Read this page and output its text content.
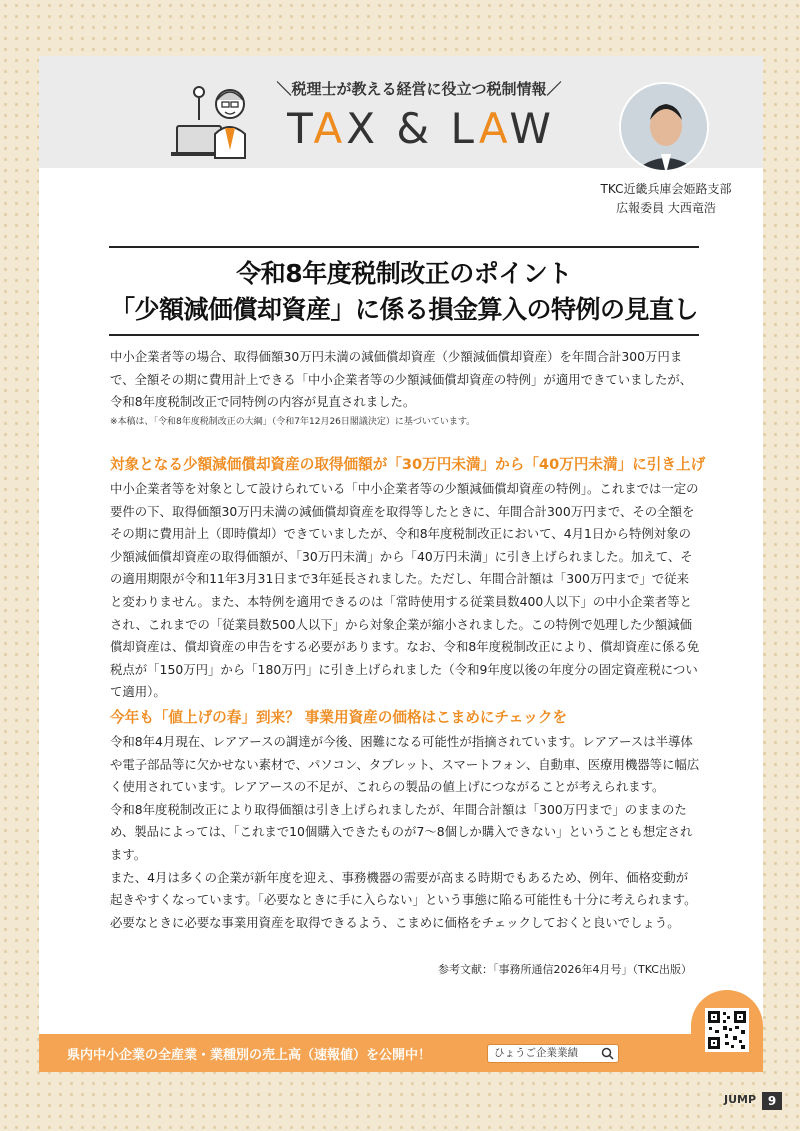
＼税理士が教える経営に役立つ税制情報／
TAX & LAW
TKC近畿兵庫会姫路支部
広報委員 大西竜浩
令和8年度税制改正のポイント
「少額減価償却資産」に係る損金算入の特例の見直し

中小企業者等の場合、取得価額30万円未満の減価償却資産（少額減価償却資産）を年間合計300万円まで、全額その期に費用計上できる「中小企業者等の少額減価償却資産の特例」が適用できていましたが、令和8年度税制改正で同特例の内容が見直されました。

※本稿は、「令和8年度税制改正の大綱」（令和7年12月26日閣議決定）に基づいています。

対象となる少額減価償却資産の取得価額が「30万円未満」から「40万円未満」に引き上げ

中小企業者等を対象として設けられている「中小企業者等の少額減価償却資産の特例」。これまでは一定の要件の下、取得価額30万円未満の減価償却資産を取得等したときに、年間合計300万円まで、その全額をその期に費用計上（即時償却）できていましたが、令和8年度税制改正において、4月1日から特例対象の少額減価償却資産の取得価額が、「30万円未満」から「40万円未満」に引き上げられました。加えて、その適用期限が令和11年3月31日まで3年延長されました。ただし、年間合計額は「300万円まで」で従来と変わりません。また、本特例を適用できるのは「常時使用する従業員数400人以下」の中小企業者等とされ、これまでの「従業員数500人以下」から対象企業が縮小されました。この特例で処理した少額減価償却資産は、償却資産の申告をする必要があります。なお、令和8年度税制改正により、償却資産に係る免税点が「150万円」から「180万円」に引き上げられました（令和9年度以後の年度分の固定資産税について適用）。

今年も「値上げの春」到来？ 事業用資産の価格はこまめにチェックを

令和8年4月現在、レアアースの調達が今後、困難になる可能性が指摘されています。レアアースは半導体や電子部品等に欠かせない素材で、パソコン、タブレット、スマートフォン、自動車、医療用機器等に幅広く使用されています。レアアースの不足が、これらの製品の値上げにつながることが考えられます。

令和8年度税制改正により取得価額は引き上げられましたが、年間合計額は「300万円まで」のままのため、製品によっては、「これまで10個購入できたものが7〜8個しか購入できない」ということも想定されます。

また、4月は多くの企業が新年度を迎え、事務機器の需要が高まる時期でもあるため、例年、価格変動が起きやすくなっています。「必要なときに手に入らない」という事態に陥る可能性も十分に考えられます。必要なときに必要な事業用資産を取得できるよう、こまめに価格をチェックしておくと良いでしょう。

参考文献：「事務所通信2026年4月号」（TKC出版）
県内中小企業の全産業・業種別の売上高（速報値）を公開中！	ひょうご企業業績
JUMP 9
